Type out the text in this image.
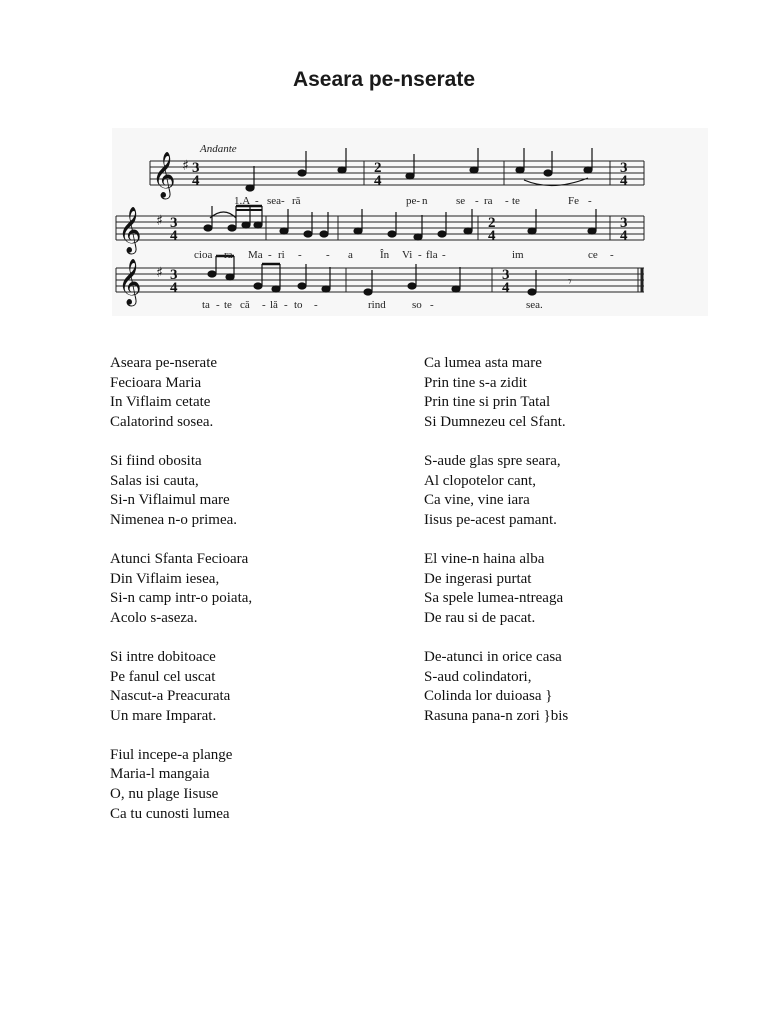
Aseara pe-nserate
Andante
𝄞 ♯ 3
4
2
4
3
4
𝄞 ♯ 3
4
2
4
3
4
𝄞 ♯ 3
4
3
4	𝄾
1.A - sea - ră	pe- n	se - ra - te	Fe -
cioa - ra Ma - ri - - a În Vi - fla -	im	ce -
ta - te că - lă - to -	rind so -	sea.
Aseara pe-nserate
Fecioara Maria
In Viflaim cetate
Calatorind sosea.
Si fiind obosita
Salas isi cauta,
Si-n Viflaimul mare
Nimenea n-o primea.
Atunci Sfanta Fecioara
Din Viflaim iesea,
Si-n camp intr-o poiata,
Acolo s-aseza.
Si intre dobitoace
Pe fanul cel uscat
Nascut-a Preacurata
Un mare Imparat.
Fiul incepe-a plange
Maria-l mangaia
O, nu plage Iisuse
Ca tu cunosti lumea
Ca lumea asta mare
Prin tine s-a zidit
Prin tine si prin Tatal
Si Dumnezeu cel Sfant.
S-aude glas spre seara,
Al clopotelor cant,
Ca vine, vine iara
Iisus pe-acest pamant.
El vine-n haina alba
De ingerasi purtat
Sa spele lumea-ntreaga
De rau si de pacat.
De-atunci in orice casa
S-aud colindatori,
Colinda lor duioasa }
Rasuna pana-n zori }bis
